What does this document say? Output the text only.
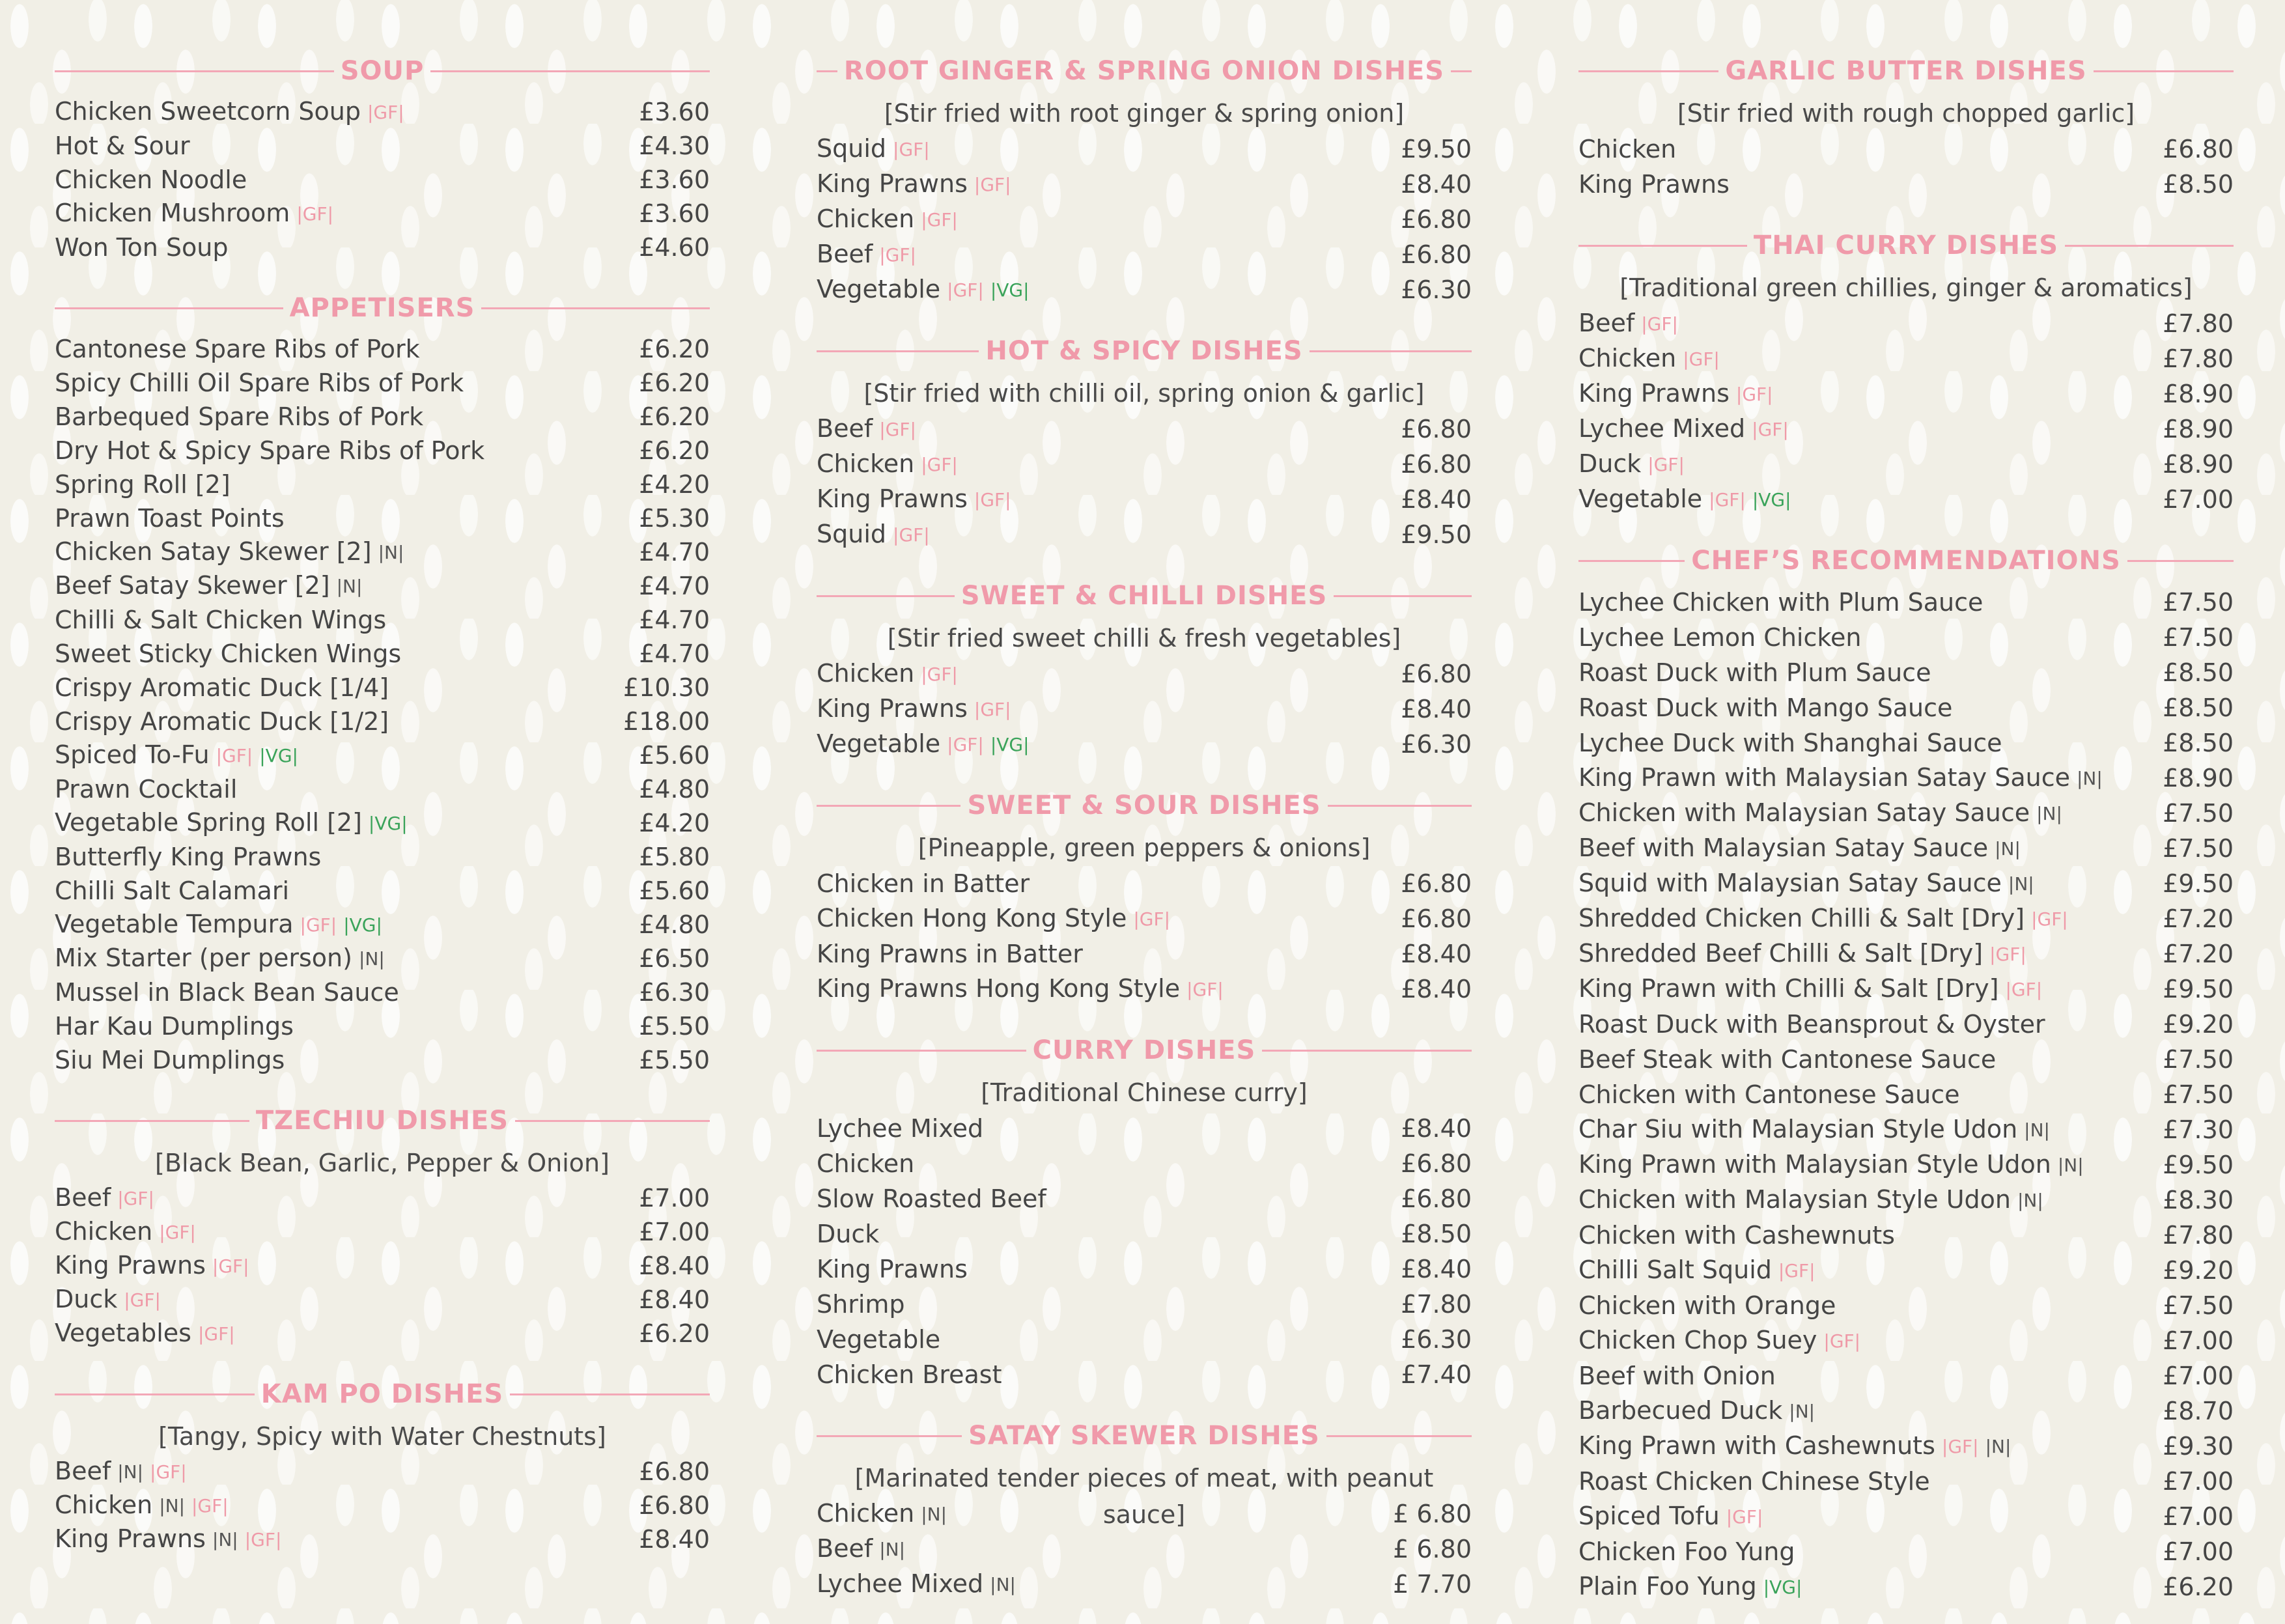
SOUP
Chicken Sweetcorn Soup |GF|	£3.60
Hot & Sour	£4.30
Chicken Noodle	£3.60
Chicken Mushroom |GF|	£3.60
Won Ton Soup	£4.60
APPETISERS
Cantonese Spare Ribs of Pork	£6.20
Spicy Chilli Oil Spare Ribs of Pork	£6.20
Barbequed Spare Ribs of Pork	£6.20
Dry Hot & Spicy Spare Ribs of Pork	£6.20
Spring Roll [2]	£4.20
Prawn Toast Points	£5.30
Chicken Satay Skewer [2] |N|	£4.70
Beef Satay Skewer [2] |N|	£4.70
Chilli & Salt Chicken Wings	£4.70
Sweet Sticky Chicken Wings	£4.70
Crispy Aromatic Duck [1/4]	£10.30
Crispy Aromatic Duck [1/2]	£18.00
Spiced To-Fu |GF| |VG|	£5.60
Prawn Cocktail	£4.80
Vegetable Spring Roll [2] |VG|	£4.20
Butterfly King Prawns	£5.80
Chilli Salt Calamari	£5.60
Vegetable Tempura |GF| |VG|	£4.80
Mix Starter (per person) |N|	£6.50
Mussel in Black Bean Sauce	£6.30
Har Kau Dumplings	£5.50
Siu Mei Dumplings	£5.50
TZECHIU DISHES
[Black Bean, Garlic, Pepper & Onion]
Beef |GF|	£7.00
Chicken |GF|	£7.00
King Prawns |GF|	£8.40
Duck |GF|	£8.40
Vegetables |GF|	£6.20
KAM PO DISHES
[Tangy, Spicy with Water Chestnuts]
Beef |N| |GF|	£6.80
Chicken |N| |GF|	£6.80
King Prawns |N| |GF|	£8.40
ROOT GINGER & SPRING ONION DISHES
[Stir fried with root ginger & spring onion]
Squid |GF|	£9.50
King Prawns |GF|	£8.40
Chicken |GF|	£6.80
Beef |GF|	£6.80
Vegetable |GF| |VG|	£6.30
HOT & SPICY DISHES
[Stir fried with chilli oil, spring onion & garlic]
Beef |GF|	£6.80
Chicken |GF|	£6.80
King Prawns |GF|	£8.40
Squid |GF|	£9.50
SWEET & CHILLI DISHES
[Stir fried sweet chilli & fresh vegetables]
Chicken |GF|	£6.80
King Prawns |GF|	£8.40
Vegetable |GF| |VG|	£6.30
SWEET & SOUR DISHES
[Pineapple, green peppers & onions]
Chicken in Batter	£6.80
Chicken Hong Kong Style |GF|	£6.80
King Prawns in Batter	£8.40
King Prawns Hong Kong Style |GF|	£8.40
CURRY DISHES
[Traditional Chinese curry]
Lychee Mixed	£8.40
Chicken	£6.80
Slow Roasted Beef	£6.80
Duck	£8.50
King Prawns	£8.40
Shrimp	£7.80
Vegetable	£6.30
Chicken Breast	£7.40
SATAY SKEWER DISHES
[Marinated tender pieces of meat, with peanut sauce]
Chicken |N|	£ 6.80
Beef |N|	£ 6.80
Lychee Mixed |N|	£ 7.70
GARLIC BUTTER DISHES
[Stir fried with rough chopped garlic]
Chicken	£6.80
King Prawns	£8.50
THAI CURRY DISHES
[Traditional green chillies, ginger & aromatics]
Beef |GF|	£7.80
Chicken |GF|	£7.80
King Prawns |GF|	£8.90
Lychee Mixed |GF|	£8.90
Duck |GF|	£8.90
Vegetable |GF| |VG|	£7.00
CHEF’S RECOMMENDATIONS
Lychee Chicken with Plum Sauce	£7.50
Lychee Lemon Chicken	£7.50
Roast Duck with Plum Sauce	£8.50
Roast Duck with Mango Sauce	£8.50
Lychee Duck with Shanghai Sauce	£8.50
King Prawn with Malaysian Satay Sauce |N| £8.90
Chicken with Malaysian Satay Sauce |N|	£7.50
Beef with Malaysian Satay Sauce |N|	£7.50
Squid with Malaysian Satay Sauce |N|	£9.50
Shredded Chicken Chilli & Salt [Dry] |GF|	£7.20
Shredded Beef Chilli & Salt [Dry] |GF|	£7.20
King Prawn with Chilli & Salt [Dry] |GF|	£9.50
Roast Duck with Beansprout & Oyster	£9.20
Beef Steak with Cantonese Sauce	£7.50
Chicken with Cantonese Sauce	£7.50
Char Siu with Malaysian Style Udon |N|	£7.30
King Prawn with Malaysian Style Udon |N|	£9.50
Chicken with Malaysian Style Udon |N|	£8.30
Chicken with Cashewnuts	£7.80
Chilli Salt Squid |GF|	£9.20
Chicken with Orange	£7.50
Chicken Chop Suey |GF|	£7.00
Beef with Onion	£7.00
Barbecued Duck |N|	£8.70
King Prawn with Cashewnuts |GF| |N|	£9.30
Roast Chicken Chinese Style	£7.00
Spiced Tofu |GF|	£7.00
Chicken Foo Yung	£7.00
Plain Foo Yung |VG|	£6.20
